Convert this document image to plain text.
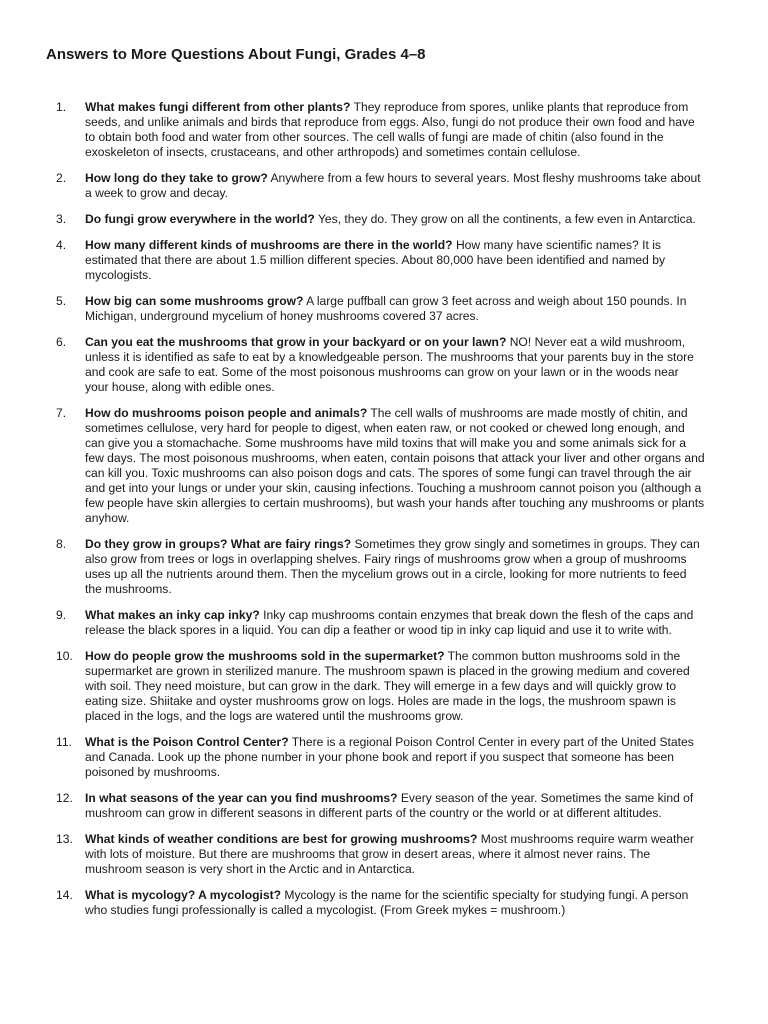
Answers to More Questions About Fungi, Grades 4–8
1. What makes fungi different from other plants? They reproduce from spores, unlike plants that reproduce from seeds, and unlike animals and birds that reproduce from eggs. Also, fungi do not produce their own food and have to obtain both food and water from other sources. The cell walls of fungi are made of chitin (also found in the exoskeleton of insects, crustaceans, and other arthropods) and sometimes contain cellulose.
2. How long do they take to grow? Anywhere from a few hours to several years. Most fleshy mushrooms take about a week to grow and decay.
3. Do fungi grow everywhere in the world? Yes, they do. They grow on all the continents, a few even in Antarctica.
4. How many different kinds of mushrooms are there in the world? How many have scientific names? It is estimated that there are about 1.5 million different species. About 80,000 have been identified and named by mycologists.
5. How big can some mushrooms grow? A large puffball can grow 3 feet across and weigh about 150 pounds. In Michigan, underground mycelium of honey mushrooms covered 37 acres.
6. Can you eat the mushrooms that grow in your backyard or on your lawn? NO! Never eat a wild mushroom, unless it is identified as safe to eat by a knowledgeable person. The mushrooms that your parents buy in the store and cook are safe to eat. Some of the most poisonous mushrooms can grow on your lawn or in the woods near your house, along with edible ones.
7. How do mushrooms poison people and animals? The cell walls of mushrooms are made mostly of chitin, and sometimes cellulose, very hard for people to digest, when eaten raw, or not cooked or chewed long enough, and can give you a stomachache. Some mushrooms have mild toxins that will make you and some animals sick for a few days. The most poisonous mushrooms, when eaten, contain poisons that attack your liver and other organs and can kill you. Toxic mushrooms can also poison dogs and cats. The spores of some fungi can travel through the air and get into your lungs or under your skin, causing infections. Touching a mushroom cannot poison you (although a few people have skin allergies to certain mushrooms), but wash your hands after touching any mushrooms or plants anyhow.
8. Do they grow in groups? What are fairy rings? Sometimes they grow singly and sometimes in groups. They can also grow from trees or logs in overlapping shelves. Fairy rings of mushrooms grow when a group of mushrooms uses up all the nutrients around them. Then the mycelium grows out in a circle, looking for more nutrients to feed the mushrooms.
9. What makes an inky cap inky? Inky cap mushrooms contain enzymes that break down the flesh of the caps and release the black spores in a liquid. You can dip a feather or wood tip in inky cap liquid and use it to write with.
10. How do people grow the mushrooms sold in the supermarket? The common button mushrooms sold in the supermarket are grown in sterilized manure. The mushroom spawn is placed in the growing medium and covered with soil. They need moisture, but can grow in the dark. They will emerge in a few days and will quickly grow to eating size. Shiitake and oyster mushrooms grow on logs. Holes are made in the logs, the mushroom spawn is placed in the logs, and the logs are watered until the mushrooms grow.
11. What is the Poison Control Center? There is a regional Poison Control Center in every part of the United States and Canada. Look up the phone number in your phone book and report if you suspect that someone has been poisoned by mushrooms.
12. In what seasons of the year can you find mushrooms? Every season of the year. Sometimes the same kind of mushroom can grow in different seasons in different parts of the country or the world or at different altitudes.
13. What kinds of weather conditions are best for growing mushrooms? Most mushrooms require warm weather with lots of moisture. But there are mushrooms that grow in desert areas, where it almost never rains. The mushroom season is very short in the Arctic and in Antarctica.
14. What is mycology? A mycologist? Mycology is the name for the scientific specialty for studying fungi. A person who studies fungi professionally is called a mycologist. (From Greek mykes = mushroom.)
